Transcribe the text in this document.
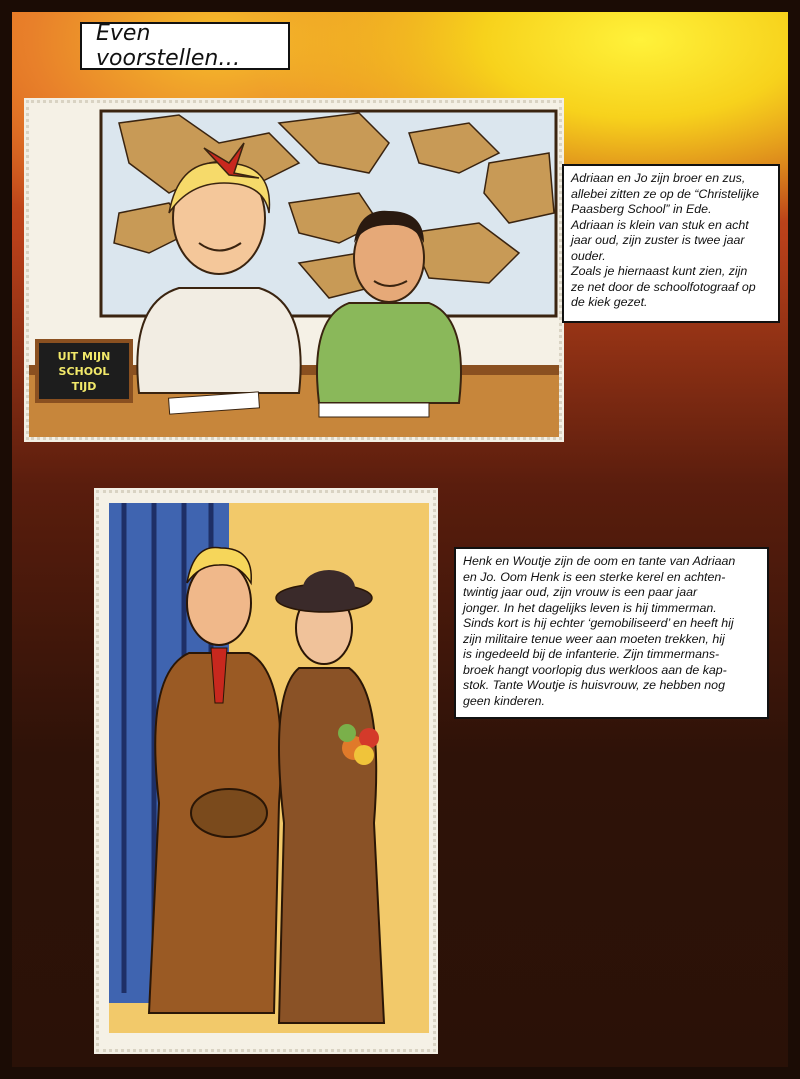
Even voorstellen…
UIT MIJN
SCHOOL
TIJD

Adriaan en Jo zijn broer en zus,

allebei zitten ze op de “Christelijke

Paasberg School” in Ede.

Adriaan is klein van stuk en acht

jaar oud, zijn zuster is twee jaar

ouder.

Zoals je hiernaast kunt zien, zijn

ze net door de schoolfotograaf op

de kiek gezet.

Henk en Woutje zijn de oom en tante van Adriaan

en Jo. Oom Henk is een sterke kerel en achten-

twintig jaar oud, zijn vrouw is een paar jaar

jonger. In het dagelijks leven is hij timmerman.

Sinds kort is hij echter ‘gemobiliseerd’ en heeft hij

zijn militaire tenue weer aan moeten trekken, hij

is ingedeeld bij de infanterie. Zijn timmermans-

broek hangt voorlopig dus werkloos aan de kap-

stok. Tante Woutje is huisvrouw, ze hebben nog

geen kinderen.
